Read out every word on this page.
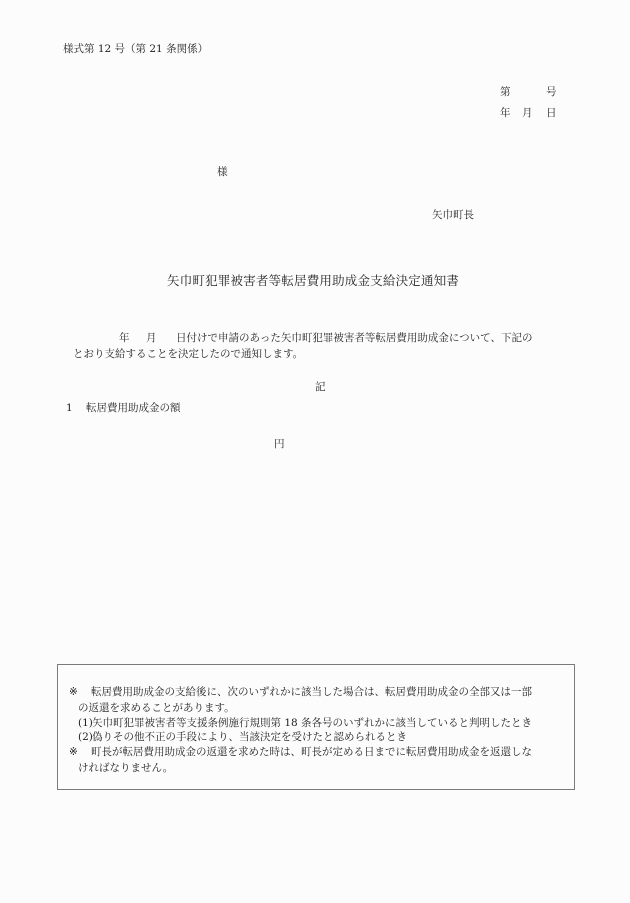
様式第 12 号（第 21 条関係）
第	号
年 月 日
様
矢巾町長
矢巾町犯罪被害者等転居費用助成金支給決定通知書
年 月 日付けで申請のあった矢巾町犯罪被害者等転居費用助成金について、下記の
とおり支給することを決定したので通知します。
記
1 転居費用助成金の額
円
※ 転居費用助成金の支給後に、次のいずれかに該当した場合は、転居費用助成金の全部又は一部
の返還を求めることがあります。
(1)矢巾町犯罪被害者等支援条例施行規則第 18 条各号のいずれかに該当していると判明したとき
(2)偽りその他不正の手段により、当該決定を受けたと認められるとき
※ 町長が転居費用助成金の返還を求めた時は、町長が定める日までに転居費用助成金を返還しな
ければなりません。
